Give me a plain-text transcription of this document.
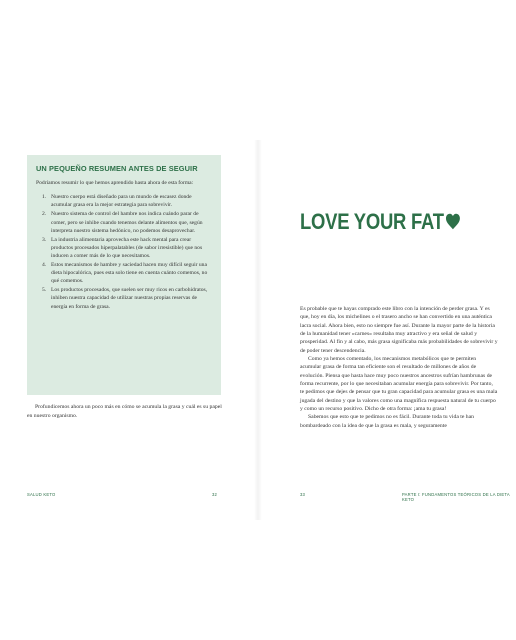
UN PEQUEÑO RESUMEN ANTES DE SEGUIR

Podríamos resumir lo que hemos aprendido hasta ahora de esta forma:

1. Nuestro cuerpo está diseñado para un mundo de escasez donde acumular grasa era la mejor estrategia para sobrevivir.
2. Nuestro sistema de control del hambre nos indica cuándo parar de comer, pero se inhibe cuando tenemos delante alimentos que, según interpreta nuestro sistema hedónico, no podemos desaprovechar.
3. La industria alimentaria aprovecha este hack mental para crear productos procesados hiperpalatables (de sabor irresistible) que nos inducen a comer más de lo que necesitamos.
4. Estos mecanismos de hambre y saciedad hacen muy difícil seguir una dieta hipocalórica, pues esta solo tiene en cuenta cuánto comemos, no qué comemos.
5. Los productos procesados, que suelen ser muy ricos en carbohidratos, inhiben nuestra capacidad de utilizar nuestras propias reservas de energía en forma de grasa.

Profundicemos ahora un poco más en cómo se acumula la grasa y cuál es su papel en nuestro organismo.

SALUD KETO	32
LOVE YOUR FAT

Es probable que te hayas comprado este libro con la intención de perder grasa. Y es que, hoy en día, los michelines o el trasero ancho se han convertido en una auténtica lacra social. Ahora bien, esto no siempre fue así. Durante la mayor parte de la historia de la humanidad tener «carnes» resultaba muy atractivo y era señal de salud y prosperidad. Al fin y al cabo, más grasa significaba más probabilidades de sobrevivir y de poder tener descendencia.

Como ya hemos comentado, los mecanismos metabólicos que te permiten acumular grasa de forma tan eficiente son el resultado de millones de años de evolución. Piensa que hasta hace muy poco nuestros ancestros sufrían hambrunas de forma recurrente, por lo que necesitaban acumular energía para sobrevivir. Por tanto, te pedimos que dejes de pensar que tu gran capacidad para acumular grasa es una mala jugada del destino y que la valores como una magnífica respuesta natural de tu cuerpo y como un recurso positivo. Dicho de otra forma: ¡ama tu grasa!

Sabemos que esto que te pedimos no es fácil. Durante toda tu vida te han bombardeado con la idea de que la grasa es mala, y seguramente

33	PARTE I: FUNDAMENTOS TEÓRICOS DE LA DIETA KETO
